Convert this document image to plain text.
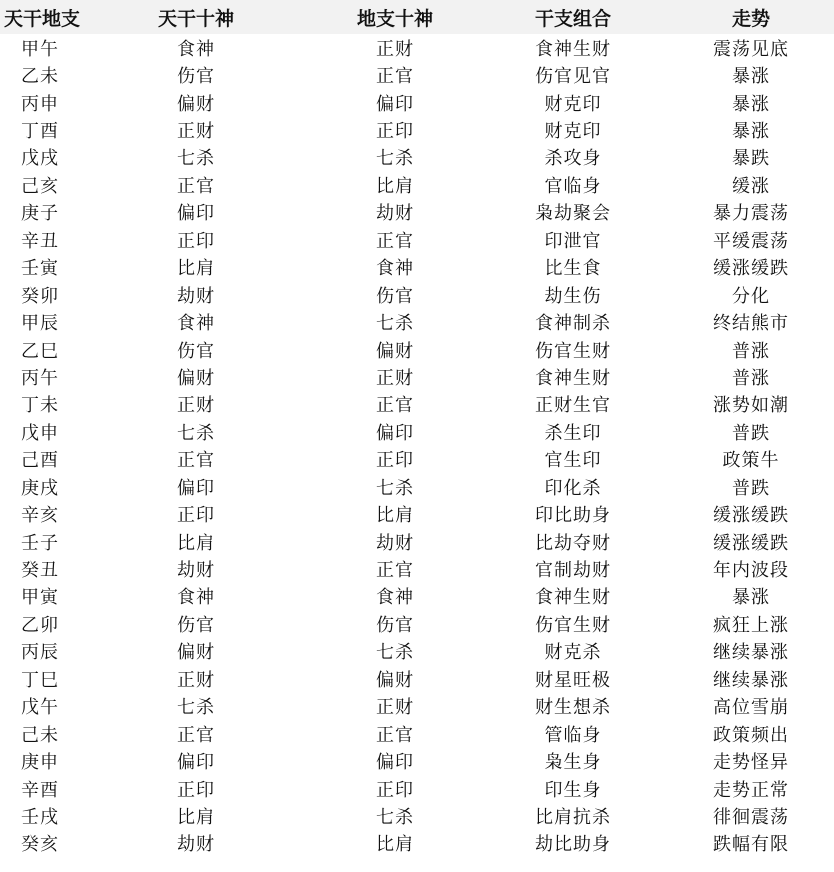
天干地支	天干十神	地支十神	干支组合	走势
甲午	食神	正财	食神生财	震荡见底
乙未	伤官	正官	伤官见官	暴涨
丙申	偏财	偏印	财克印	暴涨
丁酉	正财	正印	财克印	暴涨
戊戌	七杀	七杀	杀攻身	暴跌
己亥	正官	比肩	官临身	缓涨
庚子	偏印	劫财	枭劫聚会	暴力震荡
辛丑	正印	正官	印泄官	平缓震荡
壬寅	比肩	食神	比生食	缓涨缓跌
癸卯	劫财	伤官	劫生伤	分化
甲辰	食神	七杀	食神制杀	终结熊市
乙巳	伤官	偏财	伤官生财	普涨
丙午	偏财	正财	食神生财	普涨
丁未	正财	正官	正财生官	涨势如潮
戊申	七杀	偏印	杀生印	普跌
己酉	正官	正印	官生印	政策牛
庚戌	偏印	七杀	印化杀	普跌
辛亥	正印	比肩	印比助身	缓涨缓跌
壬子	比肩	劫财	比劫夺财	缓涨缓跌
癸丑	劫财	正官	官制劫财	年内波段
甲寅	食神	食神	食神生财	暴涨
乙卯	伤官	伤官	伤官生财	疯狂上涨
丙辰	偏财	七杀	财克杀	继续暴涨
丁巳	正财	偏财	财星旺极	继续暴涨
戊午	七杀	正财	财生想杀	高位雪崩
己未	正官	正官	管临身	政策频出
庚申	偏印	偏印	枭生身	走势怪异
辛酉	正印	正印	印生身	走势正常
壬戌	比肩	七杀	比肩抗杀	徘徊震荡
癸亥	劫财	比肩	劫比助身	跌幅有限
